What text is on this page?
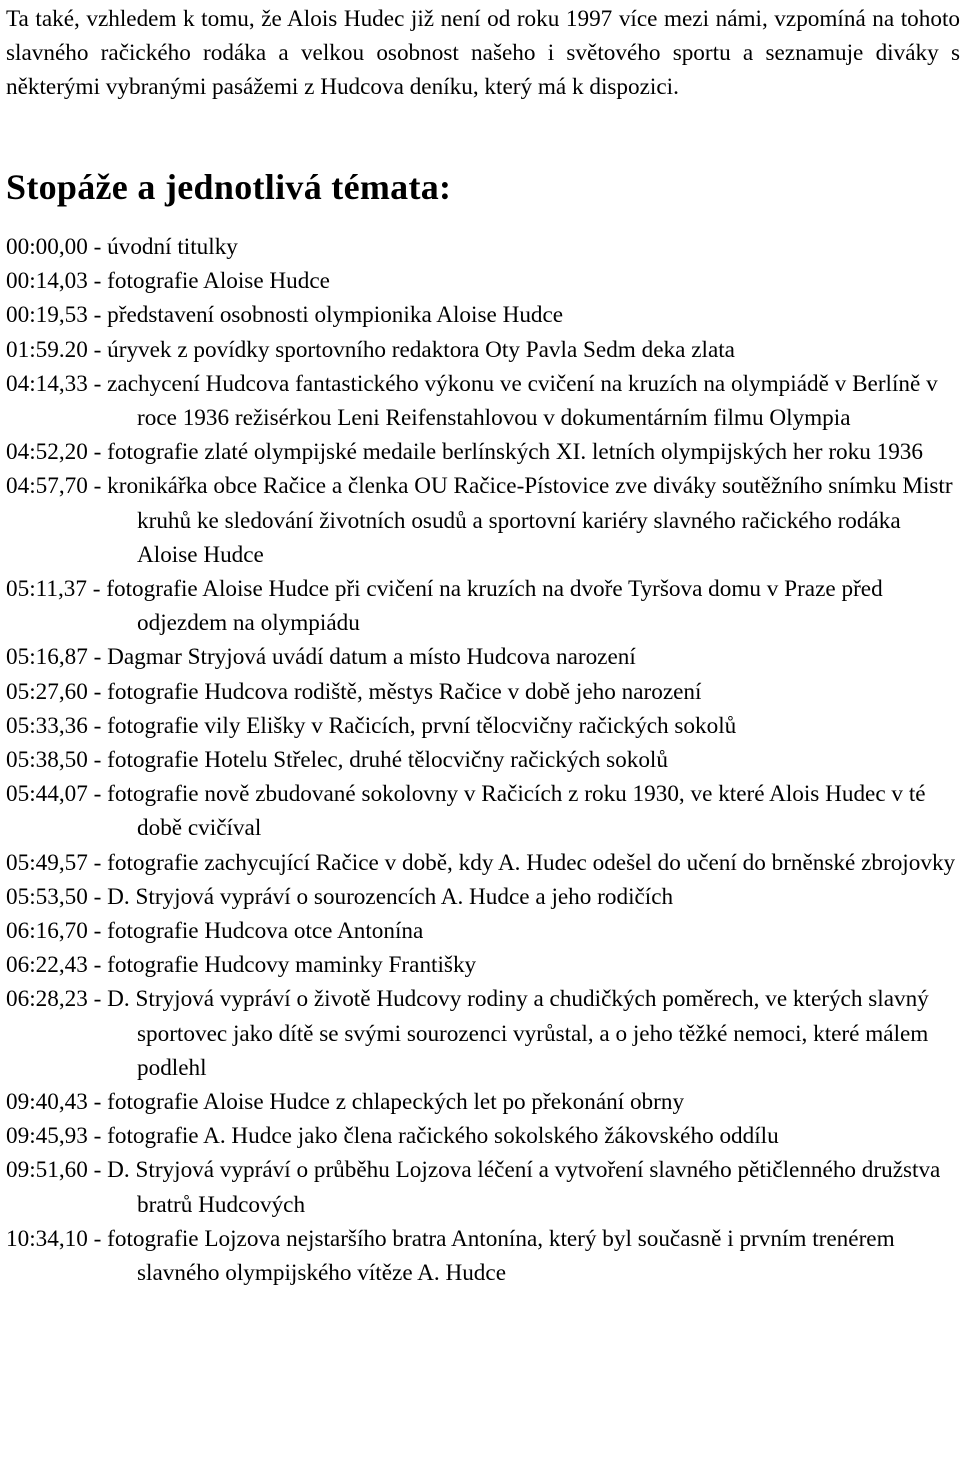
Ta také, vzhledem k tomu, že Alois Hudec již není od roku 1997 více mezi námi, vzpomíná na tohoto slavného račického rodáka a velkou osobnost našeho i světového sportu a seznamuje diváky s některými vybranými pasážemi z Hudcova deníku, který má k dispozici.

Stopáže a jednotlivá témata:
00:00,00 - úvodní titulky
00:14,03 - fotografie Aloise Hudce
00:19,53 - představení osobnosti olympionika Aloise Hudce
01:59.20 - úryvek z povídky sportovního redaktora Oty Pavla Sedm deka zlata
04:14,33 - zachycení Hudcova fantastického výkonu ve cvičení na kruzích na olympiádě v Berlíně v roce 1936 režisérkou Leni Reifenstahlovou v dokumentárním filmu Olympia
04:52,20 - fotografie zlaté olympijské medaile berlínských XI. letních olympijských her roku 1936
04:57,70 - kronikářka obce Račice a členka OU Račice-Pístovice zve diváky soutěžního snímku Mistr kruhů ke sledování životních osudů a sportovní kariéry slavného račického rodáka Aloise Hudce
05:11,37 - fotografie Aloise Hudce při cvičení na kruzích na dvoře Tyršova domu v Praze před odjezdem na olympiádu
05:16,87 - Dagmar Stryjová uvádí datum a místo Hudcova narození
05:27,60 - fotografie Hudcova rodiště, městys Račice v době jeho narození
05:33,36 - fotografie vily Elišky v Račicích, první tělocvičny račických sokolů
05:38,50 - fotografie Hotelu Střelec, druhé tělocvičny račických sokolů
05:44,07 - fotografie nově zbudované sokolovny v Račicích z roku 1930, ve které Alois Hudec v té době cvičíval
05:49,57 - fotografie zachycující Račice v době, kdy A. Hudec odešel do učení do brněnské zbrojovky
05:53,50 - D. Stryjová vypráví o sourozencích A. Hudce a jeho rodičích
06:16,70 - fotografie Hudcova otce Antonína
06:22,43 - fotografie Hudcovy maminky Františky
06:28,23 - D. Stryjová vypráví o životě Hudcovy rodiny a chudičkých poměrech, ve kterých slavný sportovec jako dítě se svými sourozenci vyrůstal, a o jeho těžké nemoci, které málem podlehl
09:40,43 - fotografie Aloise Hudce z chlapeckých let po překonání obrny
09:45,93 - fotografie A. Hudce jako člena račického sokolského žákovského oddílu
09:51,60 - D. Stryjová vypráví o průběhu Lojzova léčení a vytvoření slavného pětičlenného družstva bratrů Hudcových
10:34,10 - fotografie Lojzova nejstaršího bratra Antonína, který byl současně i prvním trenérem slavného olympijského vítěze A. Hudce
